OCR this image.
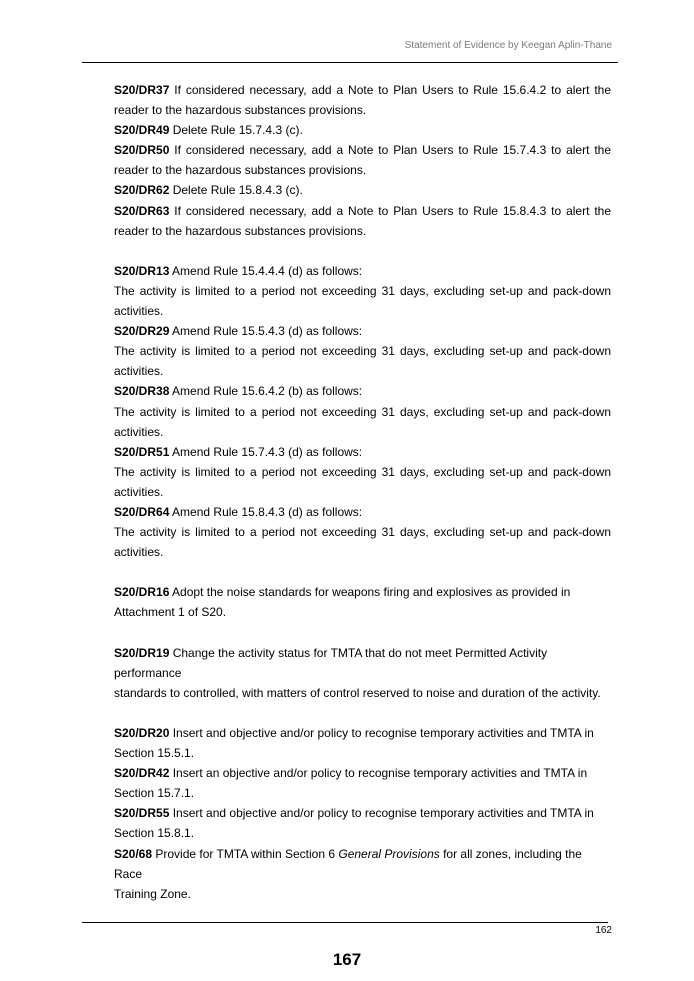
Statement of Evidence by Keegan Aplin-Thane

S20/DR37 If considered necessary, add a Note to Plan Users to Rule 15.6.4.2 to alert the reader to the hazardous substances provisions.

S20/DR49 Delete Rule 15.7.4.3 (c).

S20/DR50 If considered necessary, add a Note to Plan Users to Rule 15.7.4.3 to alert the reader to the hazardous substances provisions.

S20/DR62 Delete Rule 15.8.4.3 (c).

S20/DR63 If considered necessary, add a Note to Plan Users to Rule 15.8.4.3 to alert the reader to the hazardous substances provisions.

S20/DR13 Amend Rule 15.4.4.4 (d) as follows:

The activity is limited to a period not exceeding 31 days, excluding set-up and pack-down activities.

S20/DR29 Amend Rule 15.5.4.3 (d) as follows:

The activity is limited to a period not exceeding 31 days, excluding set-up and pack-down activities.

S20/DR38 Amend Rule 15.6.4.2 (b) as follows:

The activity is limited to a period not exceeding 31 days, excluding set-up and pack-down activities.

S20/DR51 Amend Rule 15.7.4.3 (d) as follows:

The activity is limited to a period not exceeding 31 days, excluding set-up and pack-down activities.

S20/DR64 Amend Rule 15.8.4.3 (d) as follows:

The activity is limited to a period not exceeding 31 days, excluding set-up and pack-down activities.

S20/DR16 Adopt the noise standards for weapons firing and explosives as provided in

Attachment 1 of S20.

S20/DR19 Change the activity status for TMTA that do not meet Permitted Activity performance

standards to controlled, with matters of control reserved to noise and duration of the activity.

S20/DR20 Insert and objective and/or policy to recognise temporary activities and TMTA in

Section 15.5.1.

S20/DR42 Insert an objective and/or policy to recognise temporary activities and TMTA in

Section 15.7.1.

S20/DR55 Insert and objective and/or policy to recognise temporary activities and TMTA in

Section 15.8.1.

S20/68 Provide for TMTA within Section 6 General Provisions for all zones, including the Race

Training Zone.

162
167
